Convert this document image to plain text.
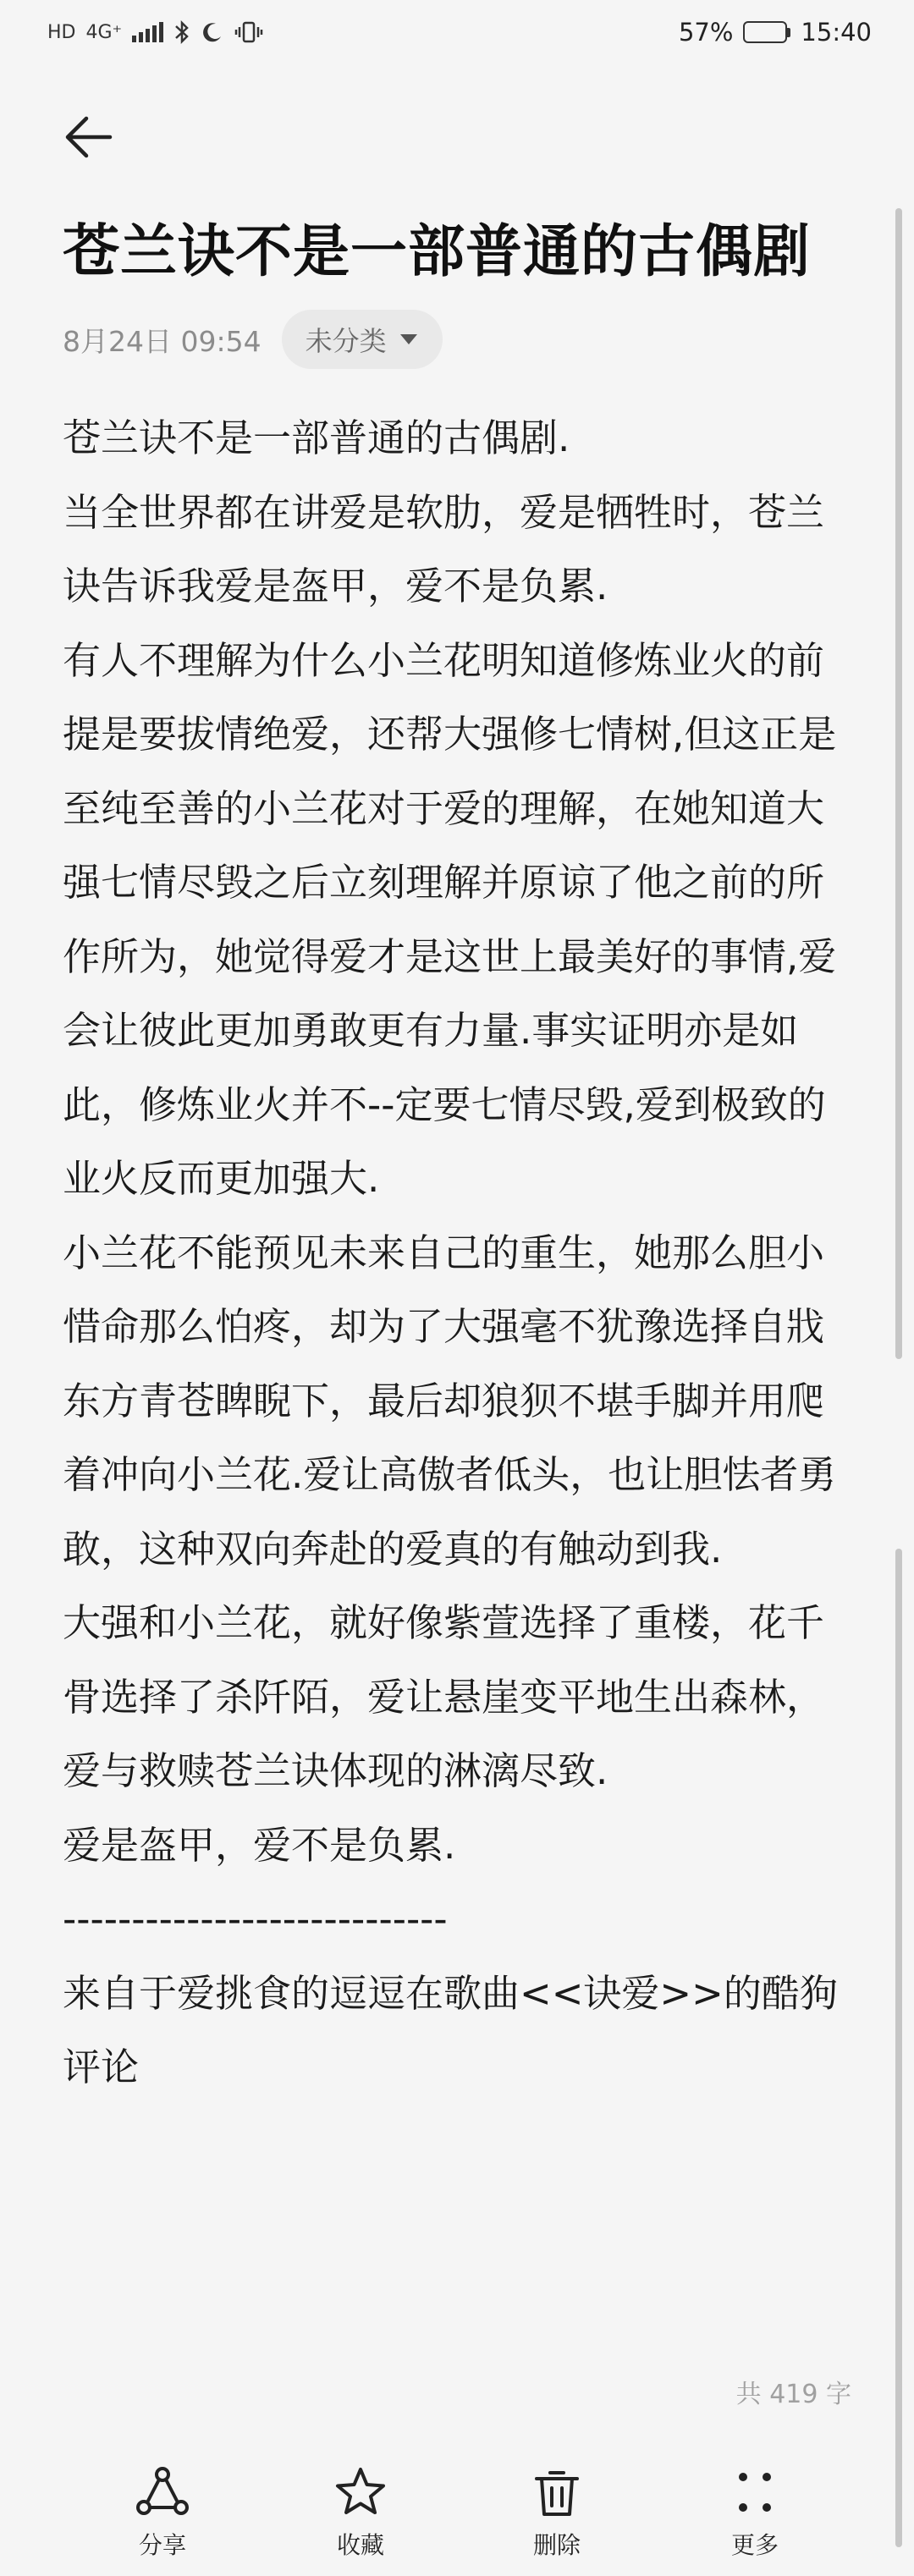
HD 4G⁺	57%	15:40
苍兰诀不是一部普通的古偶剧
8月24日 09:54 未分类

苍兰诀不是一部普通的古偶剧.

当全世界都在讲爱是软肋，爱是牺牲时，苍兰诀告诉我爱是盔甲，爱不是负累.

有人不理解为什么小兰花明知道修炼业火的前提是要拔情绝爱，还帮大强修七情树,但这正是至纯至善的小兰花对于爱的理解，在她知道大强七情尽毁之后立刻理解并原谅了他之前的所作所为，她觉得爱才是这世上最美好的事情,爱会让彼此更加勇敢更有力量.事实证明亦是如此，修炼业火并不--定要七情尽毁,爱到极致的业火反而更加强大.

小兰花不能预见未来自己的重生，她那么胆小惜命那么怕疼，却为了大强毫不犹豫选择自戕东方青苍睥睨下，最后却狼狈不堪手脚并用爬着冲向小兰花.爱让高傲者低头，也让胆怯者勇敢，这种双向奔赴的爱真的有触动到我.

大强和小兰花，就好像紫萱选择了重楼，花千骨选择了杀阡陌，爱让悬崖变平地生出森林，爱与救赎苍兰诀体现的淋漓尽致.

爱是盔甲，爱不是负累.

----------------------------

来自于爱挑食的逗逗在歌曲<<诀爱>>的酷狗评论

共 419 字
分享	收藏	删除	更多
